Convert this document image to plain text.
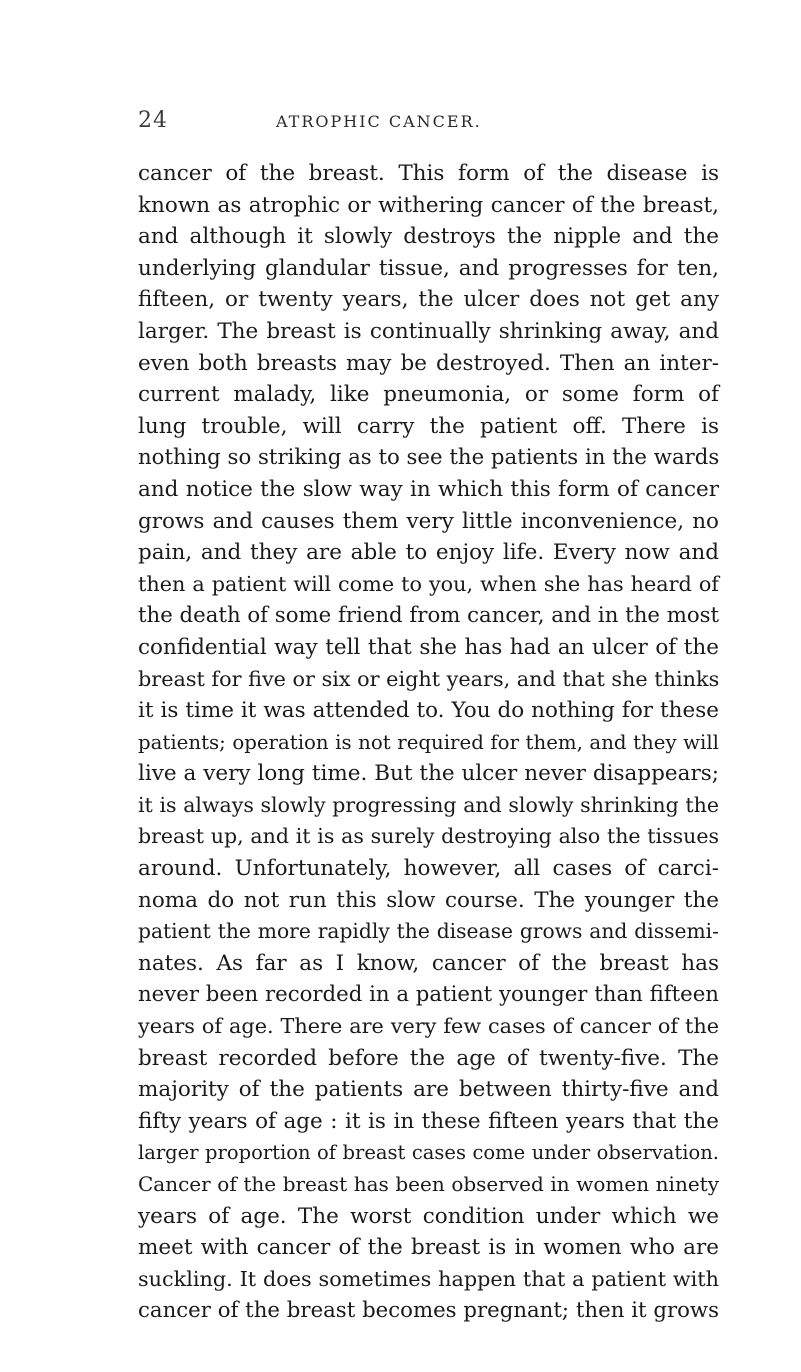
24	ATROPHIC CANCER.
cancer of the breast. This form of the disease is
known as atrophic or withering cancer of the breast,
and although it slowly destroys the nipple and the
underlying glandular tissue, and progresses for ten,
fifteen, or twenty years, the ulcer does not get any
larger. The breast is continually shrinking away, and
even both breasts may be destroyed. Then an inter-
current malady, like pneumonia, or some form of
lung trouble, will carry the patient off. There is
nothing so striking as to see the patients in the wards
and notice the slow way in which this form of cancer
grows and causes them very little inconvenience, no
pain, and they are able to enjoy life. Every now and
then a patient will come to you, when she has heard of
the death of some friend from cancer, and in the most
confidential way tell that she has had an ulcer of the
breast for five or six or eight years, and that she thinks
it is time it was attended to. You do nothing for these
patients; operation is not required for them, and they will
live a very long time. But the ulcer never disappears;
it is always slowly progressing and slowly shrinking the
breast up, and it is as surely destroying also the tissues
around. Unfortunately, however, all cases of carci-
noma do not run this slow course. The younger the
patient the more rapidly the disease grows and dissemi-
nates. As far as I know, cancer of the breast has
never been recorded in a patient younger than fifteen
years of age. There are very few cases of cancer of the
breast recorded before the age of twenty-five. The
majority of the patients are between thirty-five and
fifty years of age : it is in these fifteen years that the
larger proportion of breast cases come under observation.
Cancer of the breast has been observed in women ninety
years of age. The worst condition under which we
meet with cancer of the breast is in women who are
suckling. It does sometimes happen that a patient with
cancer of the breast becomes pregnant; then it grows
